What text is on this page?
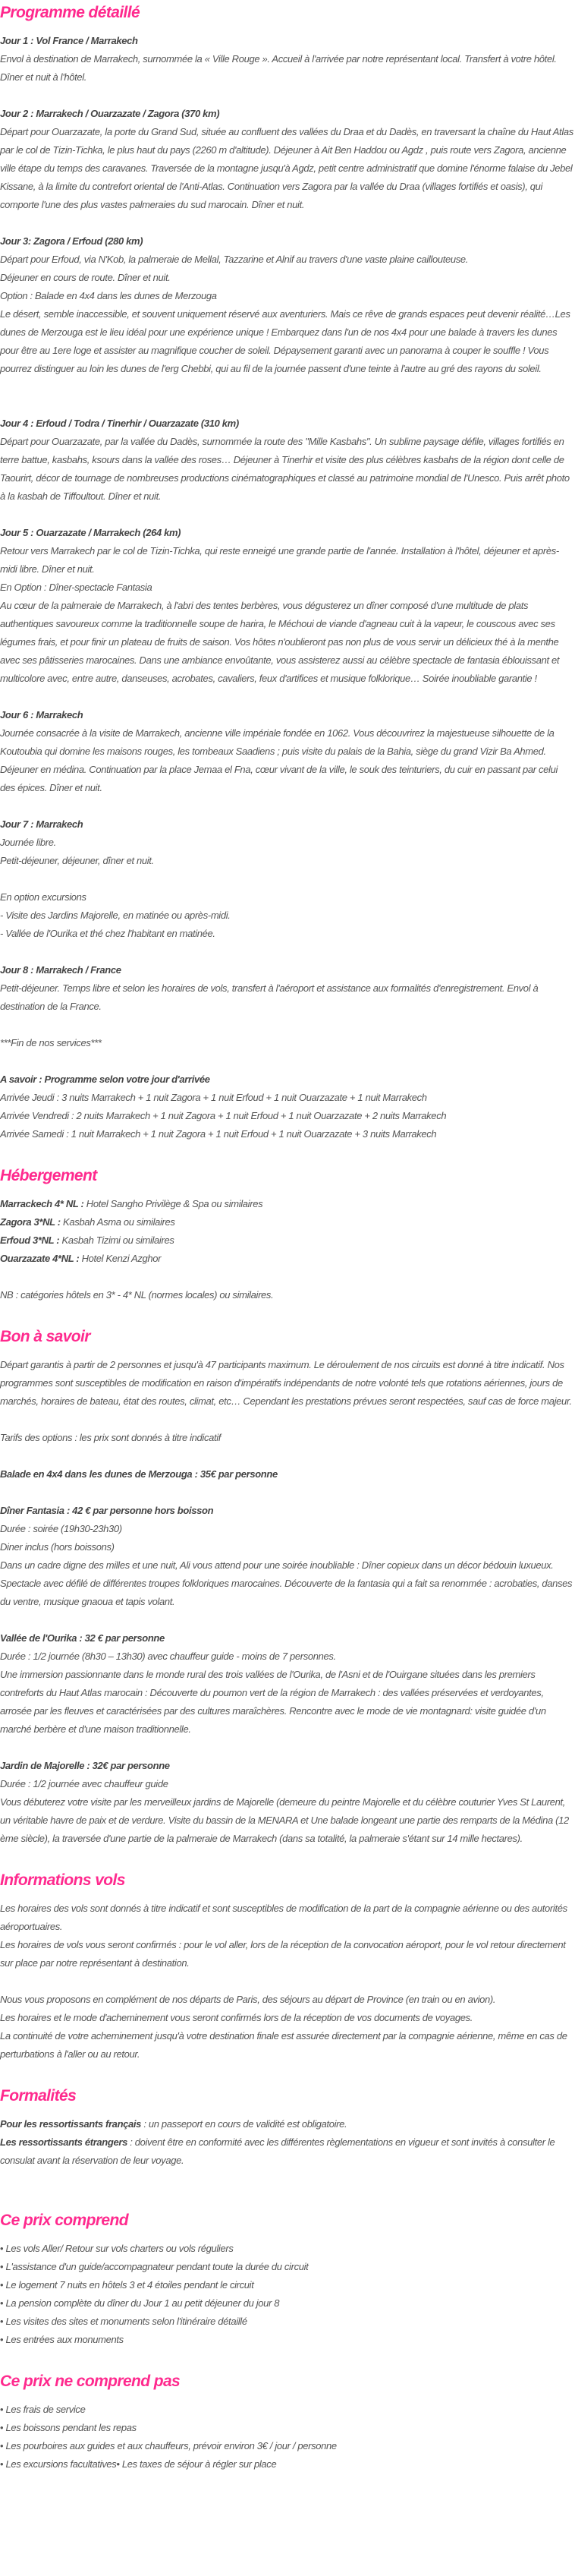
Programme détaillé

Jour 1 : Vol France / Marrakech

Envol à destination de Marrakech, surnommée la « Ville Rouge ». Accueil à l'arrivée par notre représentant local. Transfert à votre hôtel. Dîner et nuit à l'hôtel.

Jour 2 : Marrakech / Ouarzazate / Zagora (370 km)

Départ pour Ouarzazate, la porte du Grand Sud, située au confluent des vallées du Draa et du Dadès, en traversant la chaîne du Haut Atlas par le col de Tizin-Tichka, le plus haut du pays (2260 m d'altitude). Déjeuner à Ait Ben Haddou ou Agdz , puis route vers Zagora, ancienne ville étape du temps des caravanes. Traversée de la montagne jusqu'à Agdz, petit centre administratif que domine l'énorme falaise du Jebel Kissane, à la limite du contrefort oriental de l'Anti-Atlas. Continuation vers Zagora par la vallée du Draa (villages fortifiés et oasis), qui comporte l'une des plus vastes palmeraies du sud marocain. Dîner et nuit.

Jour 3: Zagora / Erfoud (280 km)

Départ pour Erfoud, via N'Kob, la palmeraie de Mellal, Tazzarine et Alnif au travers d'une vaste plaine caillouteuse.

Déjeuner en cours de route. Dîner et nuit.

Option : Balade en 4x4 dans les dunes de Merzouga

Le désert, semble inaccessible, et souvent uniquement réservé aux aventuriers. Mais ce rêve de grands espaces peut devenir réalité…Les dunes de Merzouga est le lieu idéal pour une expérience unique ! Embarquez dans l'un de nos 4x4 pour une balade à travers les dunes pour être au 1ere loge et assister au magnifique coucher de soleil. Dépaysement garanti avec un panorama à couper le souffle ! Vous pourrez distinguer au loin les dunes de l'erg Chebbi, qui au fil de la journée passent d'une teinte à l'autre au gré des rayons du soleil.

Jour 4 : Erfoud / Todra / Tinerhir / Ouarzazate (310 km)

Départ pour Ouarzazate, par la vallée du Dadès, surnommée la route des "Mille Kasbahs". Un sublime paysage défile, villages fortifiés en terre battue, kasbahs, ksours dans la vallée des roses… Déjeuner à Tinerhir et visite des plus célèbres kasbahs de la région dont celle de Taourirt, décor de tournage de nombreuses productions cinématographiques et classé au patrimoine mondial de l'Unesco. Puis arrêt photo à la kasbah de Tiffoultout. Dîner et nuit.

Jour 5 : Ouarzazate / Marrakech (264 km)

Retour vers Marrakech par le col de Tizin-Tichka, qui reste enneigé une grande partie de l'année. Installation à l'hôtel, déjeuner et après-midi libre. Dîner et nuit.

En Option : Dîner-spectacle Fantasia

Au cœur de la palmeraie de Marrakech, à l'abri des tentes berbères, vous dégusterez un dîner composé d'une multitude de plats authentiques savoureux comme la traditionnelle soupe de harira, le Méchoui de viande d'agneau cuit à la vapeur, le couscous avec ses légumes frais, et pour finir un plateau de fruits de saison. Vos hôtes n'oublieront pas non plus de vous servir un délicieux thé à la menthe avec ses pâtisseries marocaines. Dans une ambiance envoûtante, vous assisterez aussi au célèbre spectacle de fantasia éblouissant et multicolore avec, entre autre, danseuses, acrobates, cavaliers, feux d'artifices et musique folklorique… Soirée inoubliable garantie !

Jour 6 : Marrakech

Journée consacrée à la visite de Marrakech, ancienne ville impériale fondée en 1062. Vous découvrirez la majestueuse silhouette de la Koutoubia qui domine les maisons rouges, les tombeaux Saadiens ; puis visite du palais de la Bahia, siège du grand Vizir Ba Ahmed. Déjeuner en médina. Continuation par la place Jemaa el Fna, cœur vivant de la ville, le souk des teinturiers, du cuir en passant par celui des épices. Dîner et nuit.

Jour 7 : Marrakech

Journée libre.

Petit-déjeuner, déjeuner, dîner et nuit.

En option excursions

- Visite des Jardins Majorelle, en matinée ou après-midi.

- Vallée de l'Ourika et thé chez l'habitant en matinée.

Jour 8 : Marrakech / France

Petit-déjeuner. Temps libre et selon les horaires de vols, transfert à l'aéroport et assistance aux formalités d'enregistrement. Envol à destination de la France.

***Fin de nos services***

A savoir : Programme selon votre jour d'arrivée

Arrivée Jeudi : 3 nuits Marrakech + 1 nuit Zagora + 1 nuit Erfoud + 1 nuit Ouarzazate + 1 nuit Marrakech

Arrivée Vendredi : 2 nuits Marrakech + 1 nuit Zagora + 1 nuit Erfoud + 1 nuit Ouarzazate + 2 nuits Marrakech

Arrivée Samedi : 1 nuit Marrakech + 1 nuit Zagora + 1 nuit Erfoud + 1 nuit Ouarzazate + 3 nuits Marrakech

Hébergement

Marrackech 4* NL : Hotel Sangho Privilège & Spa ou similaires

Zagora 3*NL : Kasbah Asma ou similaires

Erfoud 3*NL : Kasbah Tizimi ou similaires

Ouarzazate 4*NL : Hotel Kenzi Azghor

NB : catégories hôtels en 3* - 4* NL (normes locales) ou similaires.

Bon à savoir

Départ garantis à partir de 2 personnes et jusqu'à 47 participants maximum. Le déroulement de nos circuits est donné à titre indicatif. Nos programmes sont susceptibles de modification en raison d'impératifs indépendants de notre volonté tels que rotations aériennes, jours de marchés, horaires de bateau, état des routes, climat, etc… Cependant les prestations prévues seront respectées, sauf cas de force majeur.

Tarifs des options : les prix sont donnés à titre indicatif

Balade en 4x4 dans les dunes de Merzouga : 35€ par personne

Dîner Fantasia : 42 € par personne hors boisson

Durée : soirée (19h30-23h30)

Diner inclus (hors boissons)

Dans un cadre digne des milles et une nuit, Ali vous attend pour une soirée inoubliable : Dîner copieux dans un décor bédouin luxueux.

Spectacle avec défilé de différentes troupes folkloriques marocaines. Découverte de la fantasia qui a fait sa renommée : acrobaties, danses du ventre, musique gnaoua et tapis volant.

Vallée de l'Ourika : 32 € par personne

Durée : 1/2 journée (8h30 – 13h30) avec chauffeur guide - moins de 7 personnes.

Une immersion passionnante dans le monde rural des trois vallées de l'Ourika, de l'Asni et de l'Ouirgane situées dans les premiers contreforts du Haut Atlas marocain : Découverte du poumon vert de la région de Marrakech : des vallées préservées et verdoyantes, arrosée par les fleuves et caractérisées par des cultures maraîchères. Rencontre avec le mode de vie montagnard: visite guidée d'un marché berbère et d'une maison traditionnelle.

Jardin de Majorelle : 32€ par personne

Durée : 1/2 journée avec chauffeur guide

Vous débuterez votre visite par les merveilleux jardins de Majorelle (demeure du peintre Majorelle et du célèbre couturier Yves St Laurent, un véritable havre de paix et de verdure. Visite du bassin de la MENARA et Une balade longeant une partie des remparts de la Médina (12 ème siècle), la traversée d'une partie de la palmeraie de Marrakech (dans sa totalité, la palmeraie s'étant sur 14 mille hectares).

Informations vols

Les horaires des vols sont donnés à titre indicatif et sont susceptibles de modification de la part de la compagnie aérienne ou des autorités aéroportuaires.

Les horaires de vols vous seront confirmés : pour le vol aller, lors de la réception de la convocation aéroport, pour le vol retour directement sur place par notre représentant à destination.

Nous vous proposons en complément de nos départs de Paris, des séjours au départ de Province (en train ou en avion).

Les horaires et le mode d'acheminement vous seront confirmés lors de la réception de vos documents de voyages.

La continuité de votre acheminement jusqu'à votre destination finale est assurée directement par la compagnie aérienne, même en cas de perturbations à l'aller ou au retour.

Formalités

Pour les ressortissants français : un passeport en cours de validité est obligatoire.

Les ressortissants étrangers : doivent être en conformité avec les différentes règlementations en vigueur et sont invités à consulter le consulat avant la réservation de leur voyage.

Ce prix comprend

• Les vols Aller/ Retour sur vols charters ou vols réguliers

• L'assistance d'un guide/accompagnateur pendant toute la durée du circuit

• Le logement 7 nuits en hôtels 3 et 4 étoiles pendant le circuit

• La pension complète du dîner du Jour 1 au petit déjeuner du jour 8

• Les visites des sites et monuments selon l'itinéraire détaillé

• Les entrées aux monuments

Ce prix ne comprend pas

• Les frais de service

• Les boissons pendant les repas

• Les pourboires aux guides et aux chauffeurs, prévoir environ 3€ / jour / personne

• Les excursions facultatives• Les taxes de séjour à régler sur place
